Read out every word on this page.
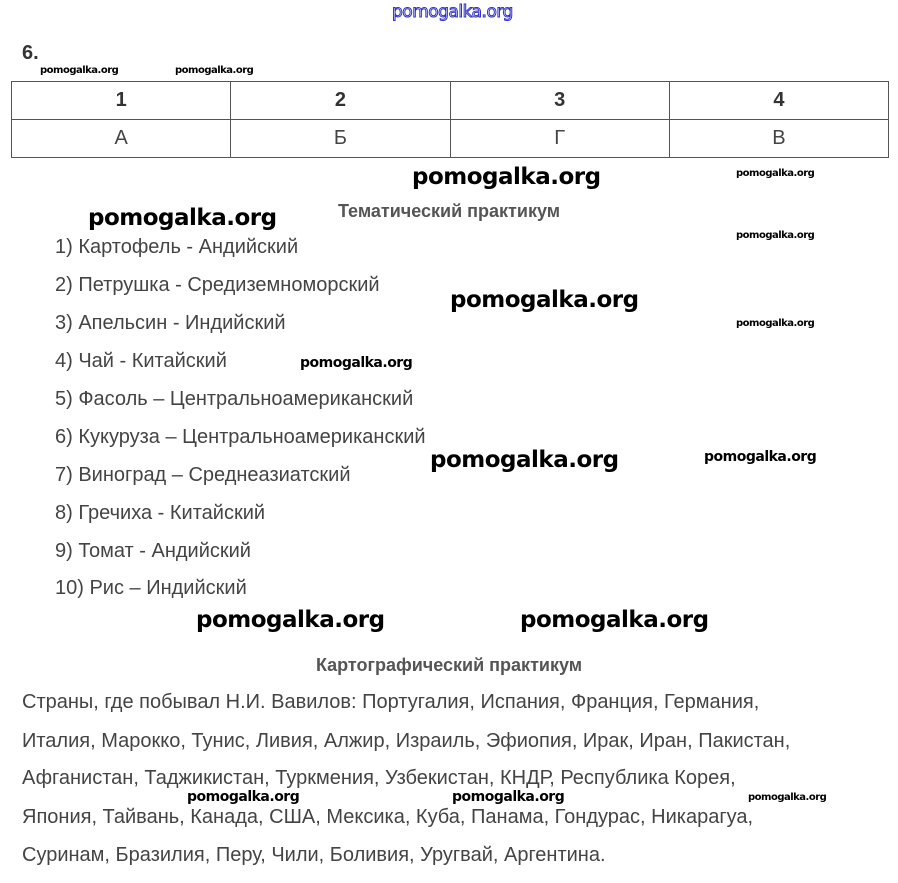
pomogalka.org
6.
1	2	3	4
А	Б	Г	В
Тематический практикум
1) Картофель - Андийский
2) Петрушка - Средиземноморский
3) Апельсин - Индийский
4) Чай - Китайский
5) Фасоль – Центральноамериканский
6) Кукуруза – Центральноамериканский
7) Виноград – Среднеазиатский
8) Гречиха - Китайский
9) Томат - Андийский
10) Рис – Индийский
Картографический практикум
Страны, где побывал Н.И. Вавилов: Португалия, Испания, Франция, Германия,
Италия, Марокко, Тунис, Ливия, Алжир, Израиль, Эфиопия, Ирак, Иран, Пакистан,
Афганистан, Таджикистан, Туркмения, Узбекистан, КНДР, Республика Корея,
Япония, Тайвань, Канада, США, Мексика, Куба, Панама, Гондурас, Никарагуа,
Суринам, Бразилия, Перу, Чили, Боливия, Уругвай, Аргентина.
pomogalka.org	pomogalka.org
pomogalka.org	pomogalka.org
pomogalka.org
pomogalka.org
pomogalka.org
pomogalka.org
pomogalka.org
pomogalka.org	pomogalka.org
pomogalka.org	pomogalka.org
pomogalka.org	pomogalka.org	pomogalka.org
